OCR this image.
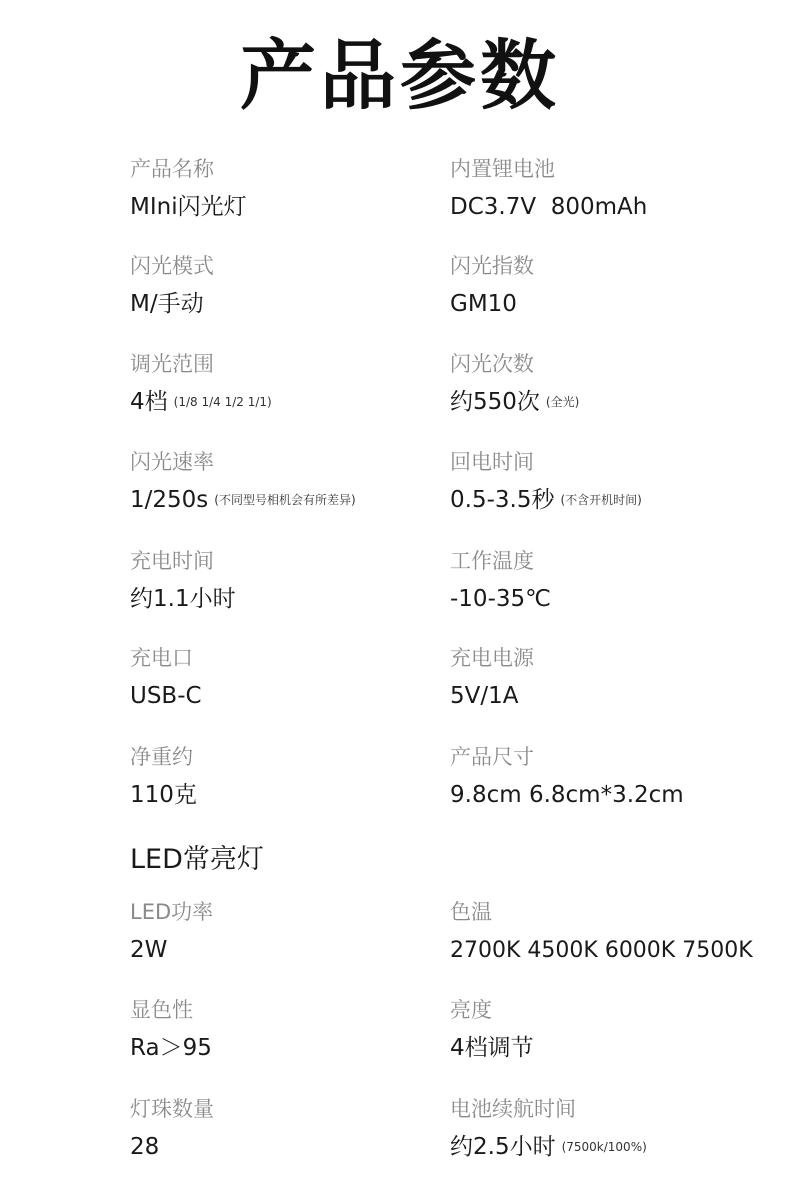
产品参数
产品名称
MIni闪光灯
内置锂电池
DC3.7V  800mAh
闪光模式
M/手动
闪光指数
GM10
调光范围
4档 (1/8 1/4 1/2 1/1)
闪光次数
约550次 (全光)
闪光速率
1/250s (不同型号相机会有所差异)
回电时间
0.5-3.5秒 (不含开机时间)
充电时间
约1.1小时
工作温度
-10-35℃
充电口
USB-C
充电电源
5V/1A
净重约
110克
产品尺寸
9.8cm 6.8cm*3.2cm
LED常亮灯
LED功率
2W
色温
2700K 4500K 6000K 7500K
显色性
Ra＞95
亮度
4档调节
灯珠数量
28
电池续航时间
约2.5小时 (7500k/100%)
